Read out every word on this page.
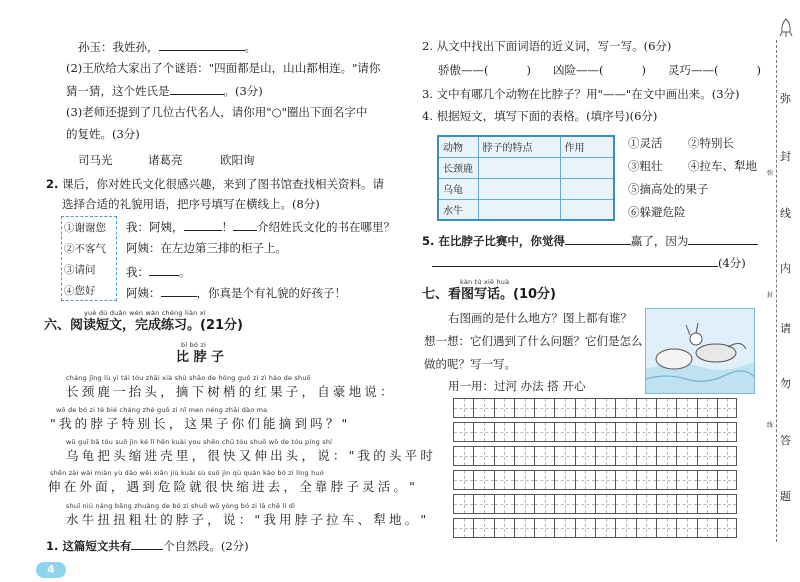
孙玉：我姓孙，	。
(2)王欣给大家出了个谜语："四面都是山，山山都相连。"请你
猜一猜，这个姓氏是	。(3分)
(3)老师还提到了几位古代名人，请你用"○"圈出下面名字中
的复姓。(3分)
司马光	诸葛亮	欧阳询
2. 课后，你对姓氏文化很感兴趣，来到了图书馆查找相关资料。请
选择合适的礼貌用语，把序号填写在横线上。(8分)
①谢谢您
②不客气
③请问
④您好
我：阿姨，	！ 介绍姓氏文化的书在哪里？
阿姨：在左边第三排的柜子上。
我：	。
阿姨：	，你真是个有礼貌的好孩子！
yuè dú duǎn wén wán chéng liàn xí
六、阅读短文，完成练习。(21分)
bǐ bó zi
比 脖 子
cháng jǐng lù yì tái tóu zhāi xià shù shāo de hóng guǒ zi zì háo de shuō
长颈鹿一抬头，摘下树梢的红果子，自豪地说：
wǒ de bó zi tè bié cháng zhè guǒ zi nǐ men néng zhāi dào ma
"我的脖子特别长，这果子你们能摘到吗？"
wū guī bǎ tóu suō jìn ké lǐ hěn kuài you shēn chū tóu shuō wǒ de tóu píng shí
乌龟把头缩进壳里，很快又伸出头，说："我的头平时
shēn zài wài miàn yù dào wēi xiǎn jiù kuài sù suō jìn qù quán kào bó zi líng huó
伸在外面，遇到危险就很快缩进去，全靠脖子灵活。"
shuǐ niú náng bǎng zhuàng de bó zi shuō wǒ yòng bó zi lā chē lí dì
水牛扭扭粗壮的脖子，说："我用脖子拉车、犁地。"
1. 这篇短文共有	个自然段。(2分)
4
2. 从文中找出下面词语的近义词，写一写。(6分)
骄傲——(	) 凶险——(	) 灵巧——(	)
3. 文中有哪几个动物在比脖子？用"——"在文中画出来。(3分)
4. 根据短文，填写下面的表格。(填序号)(6分)
动物	脖子的特点	作用
长颈鹿		
乌龟		
水牛		
①灵活 ②特别长
③粗壮 ④拉车、犁地
⑤摘高处的果子
⑥躲避危险
5. 在比脖子比赛中，你觉得	赢了，因为
(4分)
kàn tú xiě huà
七、看图写话。(10分)
右图画的是什么地方？图上都有谁？
想一想：它们遇到了什么问题？它们是怎么
做的呢？写一写。
用一用：过河 办法 搭 开心
弥
封
线
内
请
勿
答
题
弥
封
线
